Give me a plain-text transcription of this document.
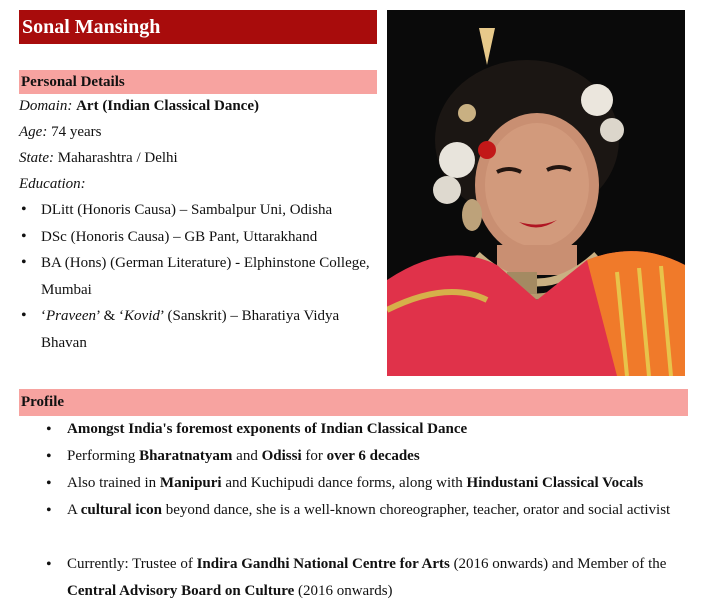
Sonal Mansingh
Personal Details
Domain: Art (Indian Classical Dance)
Age: 74 years
State: Maharashtra / Delhi
Education:
• DLitt (Honoris Causa) – Sambalpur Uni, Odisha
• DSc (Honoris Causa) – GB Pant, Uttarakhand
• BA (Hons) (German Literature) - Elphinstone College, Mumbai
• ‘Praveen’ & ‘Kovid’ (Sanskrit) – Bharatiya Vidya Bhavan
Profile
• Amongst India's foremost exponents of Indian Classical Dance
• Performing Bharatnatyam and Odissi for over 6 decades
• Also trained in Manipuri and Kuchipudi dance forms, along with Hindustani Classical Vocals
• A cultural icon beyond dance, she is a well-known choreographer, teacher, orator and social activist
• Currently: Trustee of Indira Gandhi National Centre for Arts (2016 onwards) and Member of the Central Advisory Board on Culture (2016 onwards)
